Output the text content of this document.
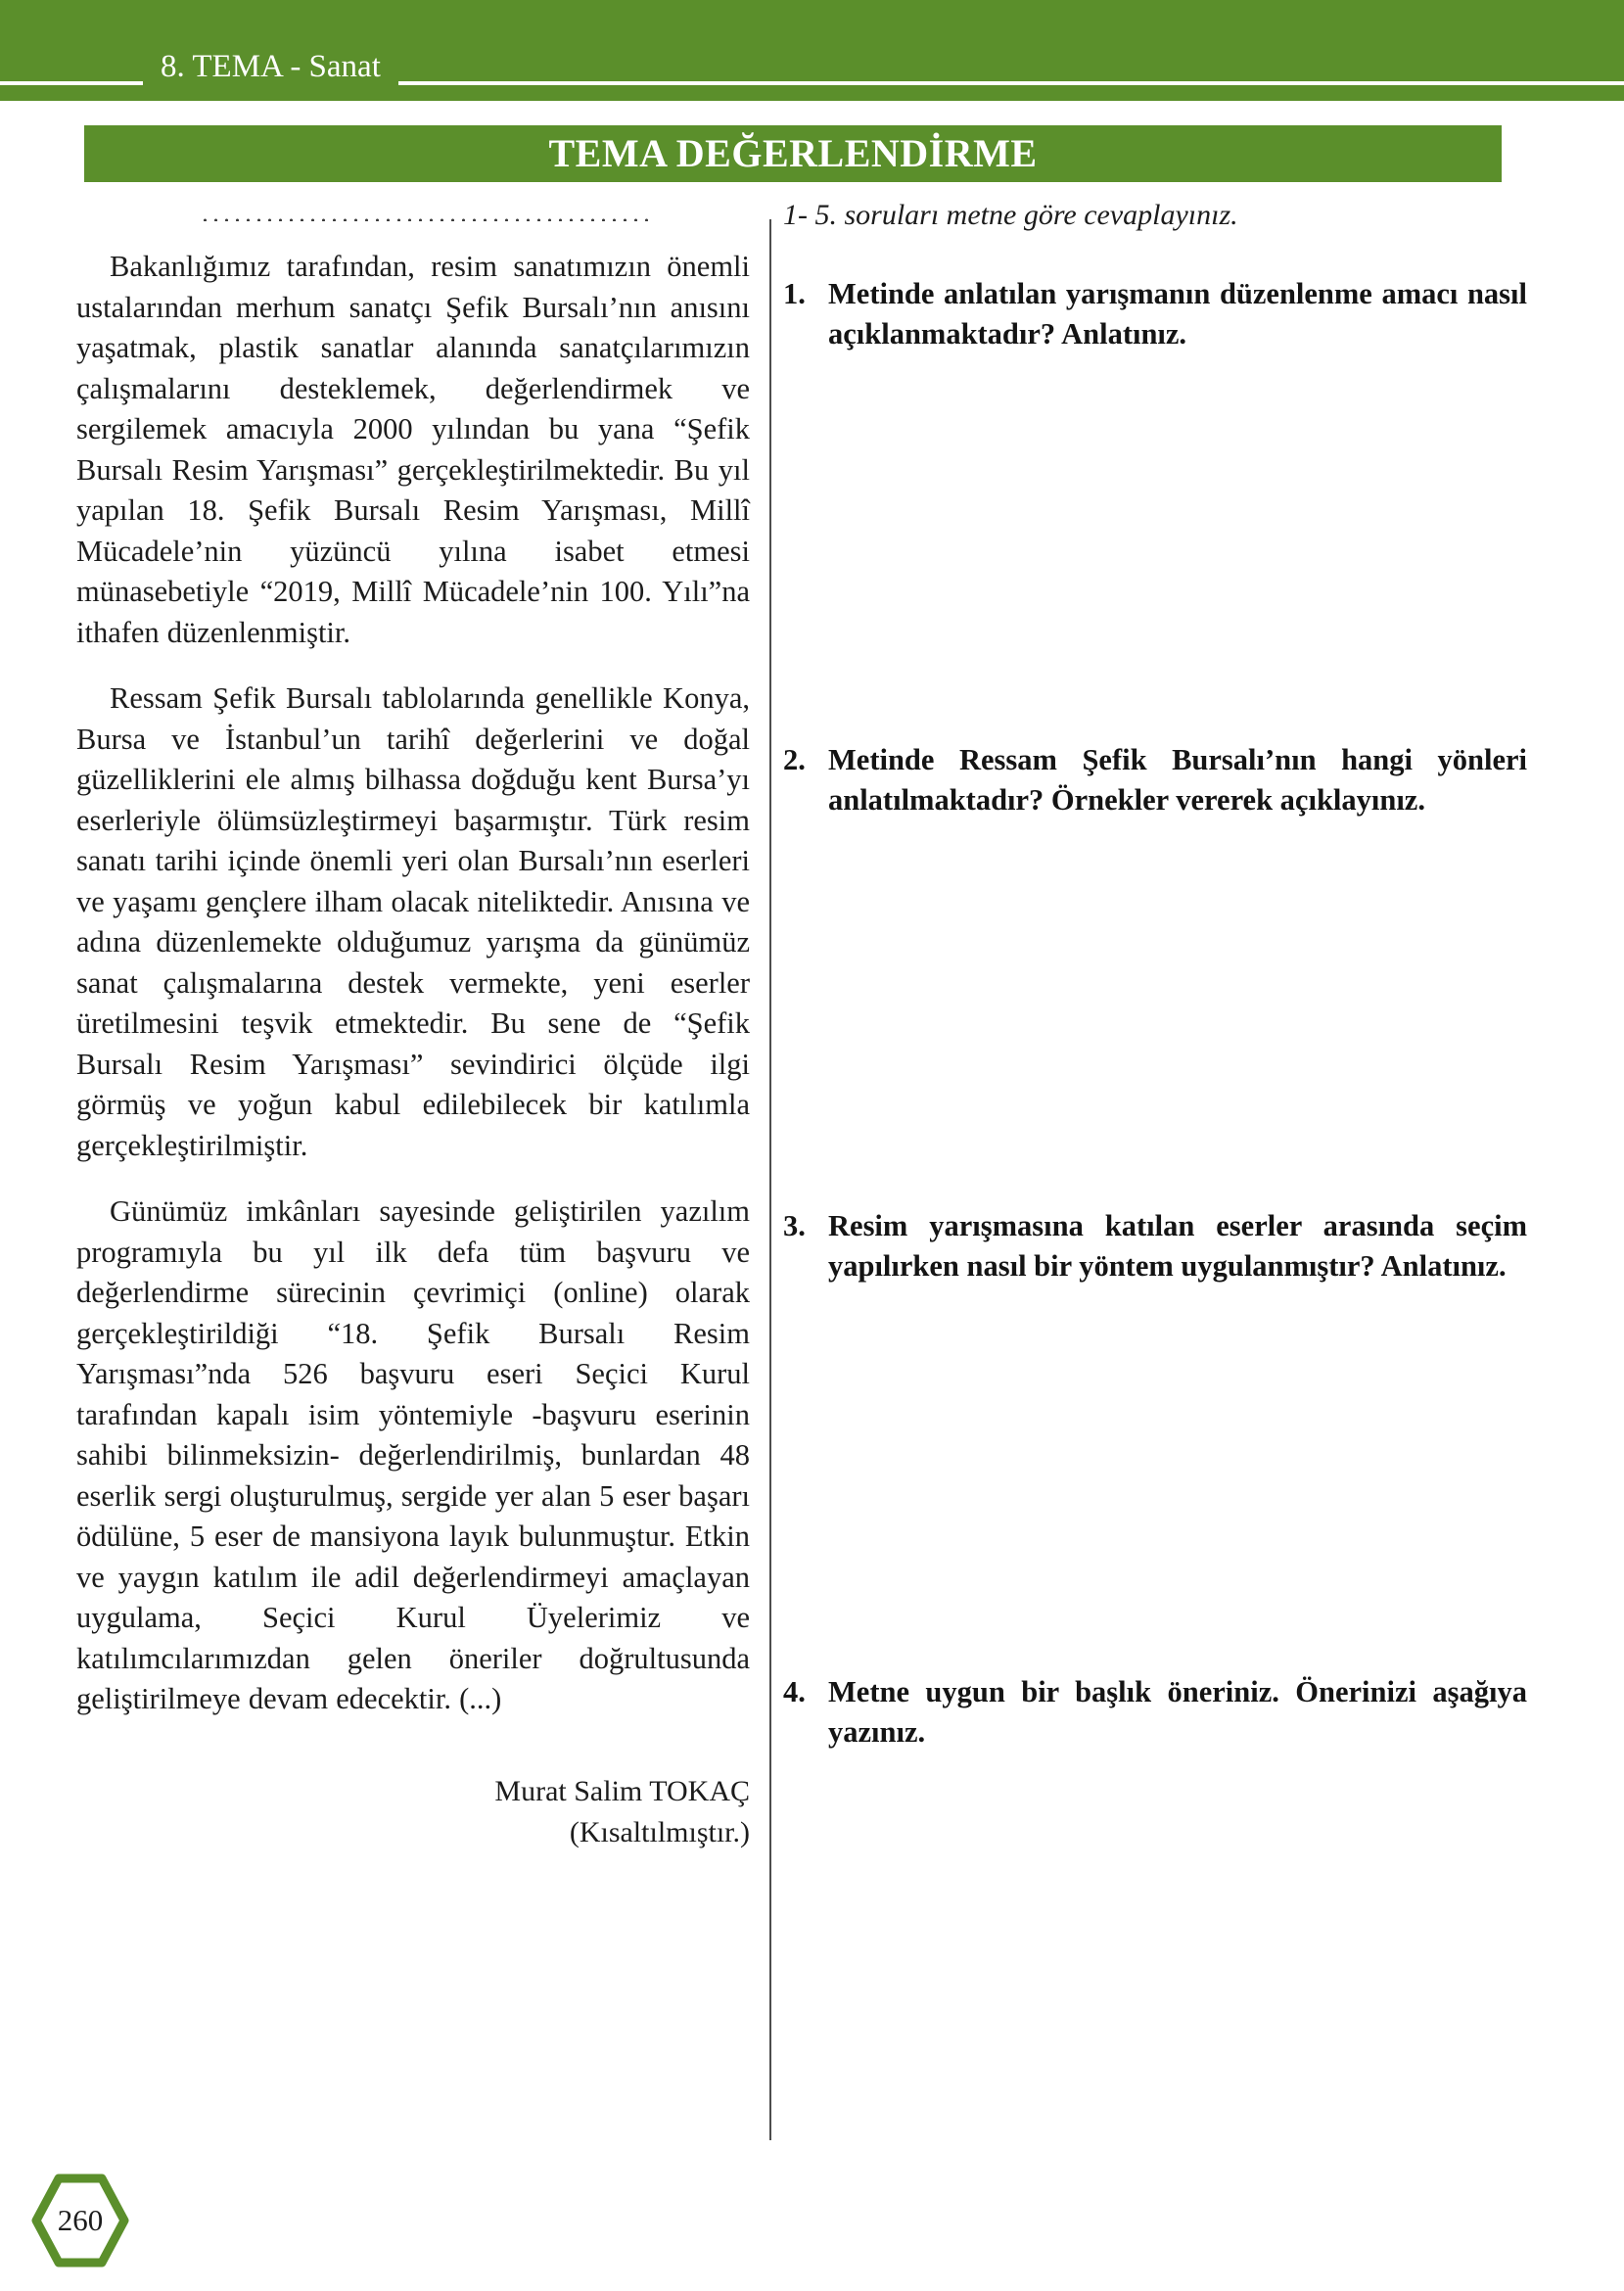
8. TEMA - Sanat
TEMA DEĞERLENDİRME

Bakanlığımız tarafından, resim sanatımızın önemli ustalarından merhum sanatçı Şefik Bursalı’nın anısını yaşatmak, plastik sanatlar alanında sanatçılarımızın çalışmalarını desteklemek, değerlendirmek ve sergilemek amacıyla 2000 yılından bu yana “Şefik Bursalı Resim Yarışması” gerçekleştirilmektedir. Bu yıl yapılan 18. Şefik Bursalı Resim Yarışması, Millî Mücadele’nin yüzüncü yılına isabet etmesi münasebetiyle “2019, Millî Mücadele’nin 100. Yılı”na ithafen düzenlenmiştir.

Ressam Şefik Bursalı tablolarında genellikle Konya, Bursa ve İstanbul’un tarihî değerlerini ve doğal güzelliklerini ele almış bilhassa doğduğu kent Bursa’yı eserleriyle ölümsüzleştirmeyi başarmıştır. Türk resim sanatı tarihi içinde önemli yeri olan Bursalı’nın eserleri ve yaşamı gençlere ilham olacak niteliktedir. Anısına ve adına düzenlemekte olduğumuz yarışma da günümüz sanat çalışmalarına destek vermekte, yeni eserler üretilmesini teşvik etmektedir. Bu sene de “Şefik Bursalı Resim Yarışması” sevindirici ölçüde ilgi görmüş ve yoğun kabul edilebilecek bir katılımla gerçekleştirilmiştir.

Günümüz imkânları sayesinde geliştirilen yazılım programıyla bu yıl ilk defa tüm başvuru ve değerlendirme sürecinin çevrimiçi (online) olarak gerçekleştirildiği “18. Şefik Bursalı Resim Yarışması”nda 526 başvuru eseri Seçici Kurul tarafından kapalı isim yöntemiyle -başvuru eserinin sahibi bilinmeksizin- değerlendirilmiş, bunlardan 48 eserlik sergi oluşturulmuş, sergide yer alan 5 eser başarı ödülüne, 5 eser de mansiyona layık bulunmuştur. Etkin ve yaygın katılım ile adil değerlendirmeyi amaçlayan uygulama, Seçici Kurul Üyelerimiz ve katılımcılarımızdan gelen öneriler doğrultusunda geliştirilmeye devam edecektir. (...)

Murat Salim TOKAÇ
(Kısaltılmıştır.)
1- 5. soruları metne göre cevaplayınız.
1. Metinde anlatılan yarışmanın düzenlenme amacı nasıl açıklanmaktadır? Anlatınız.
2. Metinde Ressam Şefik Bursalı’nın hangi yönleri anlatılmaktadır? Örnekler vererek açıklayınız.
3. Resim yarışmasına katılan eserler arasında seçim yapılırken nasıl bir yöntem uygulanmıştır? Anlatınız.
4. Metne uygun bir başlık öneriniz. Önerinizi aşağıya yazınız.
260
